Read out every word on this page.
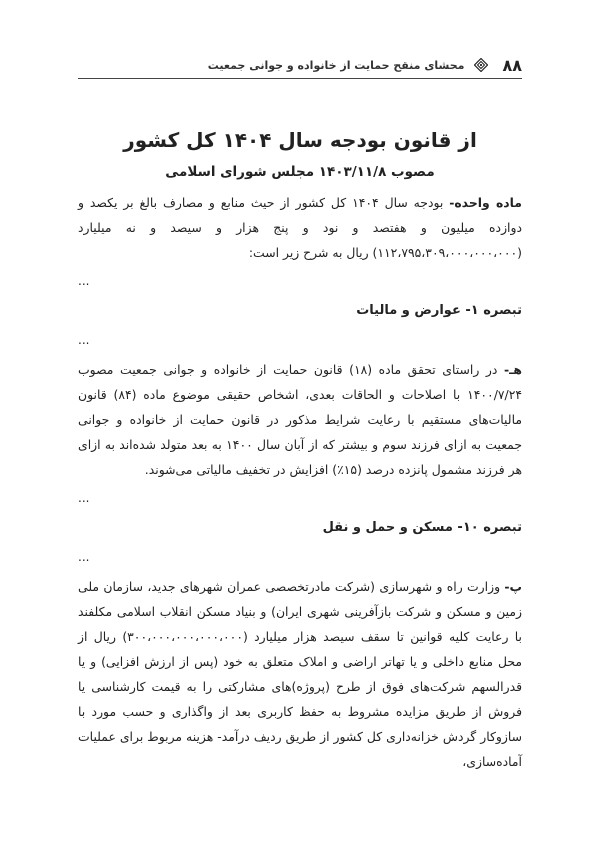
۸۸
محشای منقح حمایت از خانواده و جوانی جمعیت
از قانون بودجه سال ۱۴۰۴ کل کشور
مصوب ۱۴۰۳/۱۱/۸ مجلس شورای اسلامی

ماده واحده- بودجه سال ۱۴۰۴ کل کشور از حیث منابع و مصارف بالغ بر یکصد و دوازده میلیون و هفتصد و نود و پنج هزار و سیصد و نه میلیارد (۱۱۲،۷۹۵،۳۰۹،۰۰۰،۰۰۰،۰۰۰) ریال به شرح زیر است:

...
تبصره ۱- عوارض و مالیات
...

هـ- در راستای تحقق ماده (۱۸) قانون حمایت از خانواده و جوانی جمعیت مصوب ۱۴۰۰/۷/۲۴ با اصلاحات و الحاقات بعدی، اشخاص حقیقی موضوع ماده (۸۴) قانون مالیات‌های مستقیم با رعایت شرایط مذکور در قانون حمایت از خانواده و جوانی جمعیت به ازای فرزند سوم و بیشتر که از آبان سال ۱۴۰۰ به بعد متولد شده‌اند به ازای هر فرزند مشمول پانزده درصد (۱۵٪) افزایش در تخفیف مالیاتی می‌شوند.

...
تبصره ۱۰- مسکن و حمل و نقل
...

پ- وزارت راه و شهرسازی (شرکت مادرتخصصی عمران شهرهای جدید، سازمان ملی زمین و مسکن و شرکت بازآفرینی شهری ایران) و بنیاد مسکن انقلاب اسلامی مکلفند با رعایت کلیه قوانین تا سقف سیصد هزار میلیارد (۳۰۰،۰۰۰،۰۰۰،۰۰۰،۰۰۰) ریال از محل منابع داخلی و یا تهاتر اراضی و املاک متعلق به خود (پس از ارزش افزایی) و یا قدرالسهم شرکت‌های فوق از طرح (پروژه)های مشارکتی را به قیمت کارشناسی یا فروش از طریق مزایده مشروط به حفظ کاربری بعد از واگذاری و حسب مورد با سازوکار گردش خزانه‌داری کل کشور از طریق ردیف درآمد- هزینه مربوط برای عملیات آماده‌سازی،
